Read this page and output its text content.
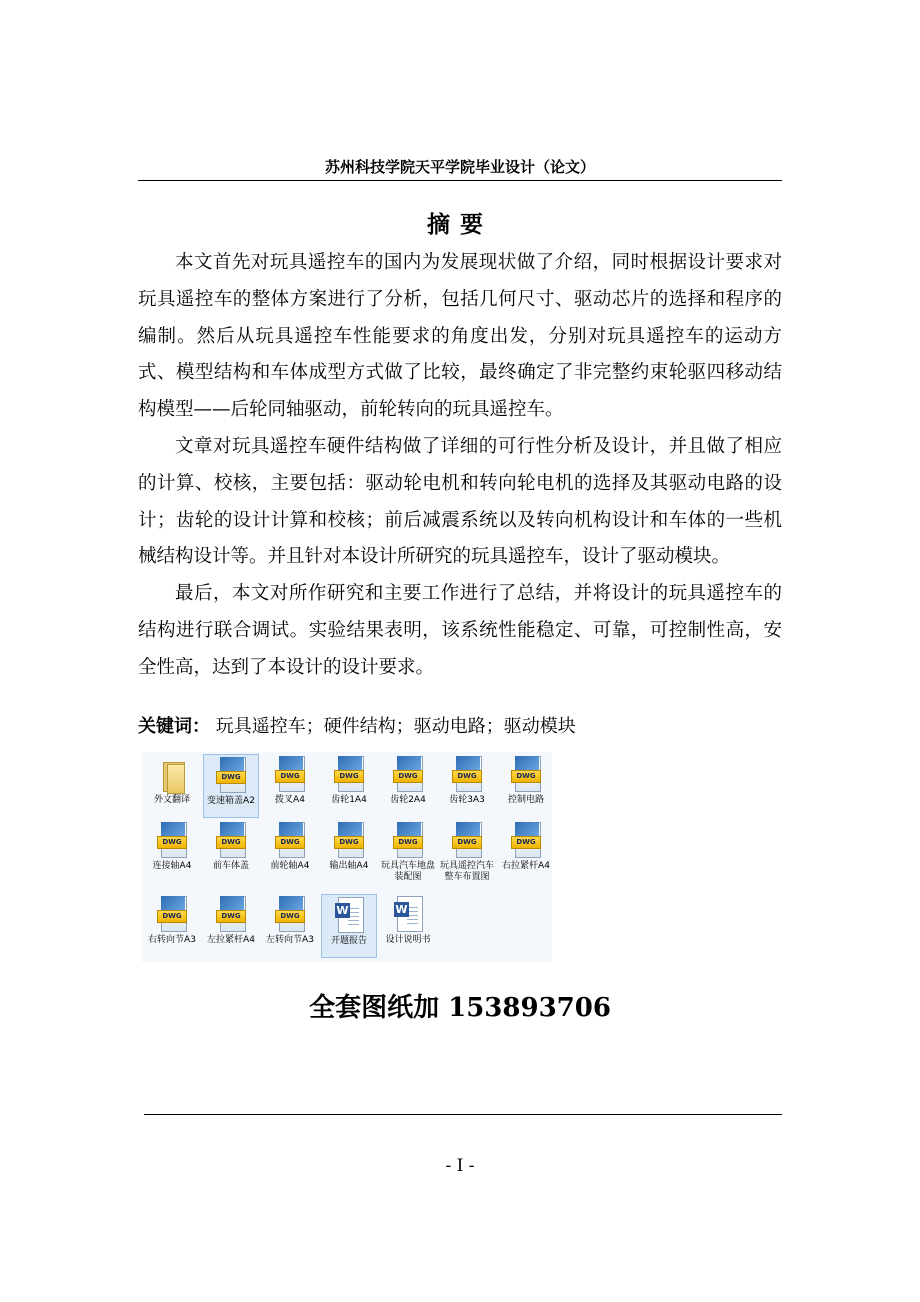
苏州科技学院天平学院毕业设计（论文）
摘要

本文首先对玩具遥控车的国内为发展现状做了介绍，同时根据设计要求对玩具遥控车的整体方案进行了分析，包括几何尺寸、驱动芯片的选择和程序的编制。然后从玩具遥控车性能要求的角度出发，分别对玩具遥控车的运动方式、模型结构和车体成型方式做了比较，最终确定了非完整约束轮驱四移动结构模型——后轮同轴驱动，前轮转向的玩具遥控车。

文章对玩具遥控车硬件结构做了详细的可行性分析及设计，并且做了相应的计算、校核，主要包括：驱动轮电机和转向轮电机的选择及其驱动电路的设计；齿轮的设计计算和校核；前后减震系统以及转向机构设计和车体的一些机械结构设计等。并且针对本设计所研究的玩具遥控车，设计了驱动模块。

最后，本文对所作研究和主要工作进行了总结，并将设计的玩具遥控车的结构进行联合调试。实验结果表明，该系统性能稳定、可靠，可控制性高，安全性高，达到了本设计的设计要求。

关键词： 玩具遥控车；硬件结构；驱动电路；驱动模块
外文翻译
DWG
变速箱盖A2
DWG
拨叉A4
DWG
齿轮1A4
DWG
齿轮2A4
DWG
齿轮3A3
DWG
控制电路
DWG
连接轴A4
DWG
前车体盖
DWG
前轮轴A4
DWG
输出轴A4
DWG
玩具汽车地盘装配图
DWG
玩具遥控汽车整车布置图
DWG
右拉紧杆A4
DWG
右转向节A3
DWG
左拉紧杆A4
DWG
左转向节A3
W
开题报告
W
设计说明书
全套图纸加 153893706
- I -
